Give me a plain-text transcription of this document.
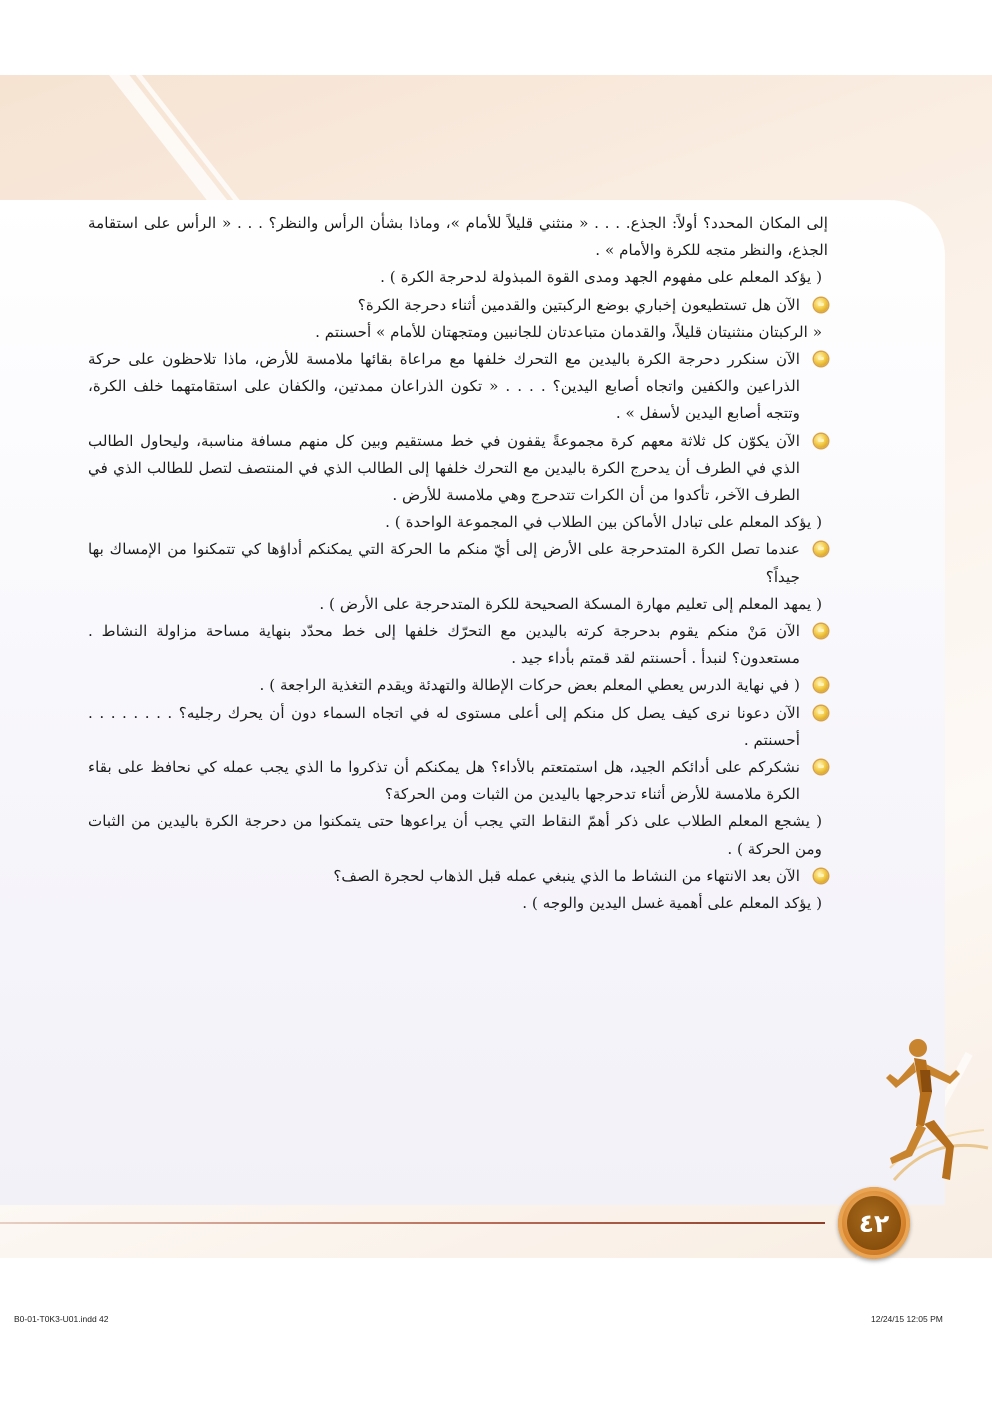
إلى المكان المحدد؟ أولاً: الجذع. . . . « منثني قليلاً للأمام »، وماذا بشأن الرأس والنظر؟ . . . « الرأس على استقامة الجذع، والنظر متجه للكرة والأمام » .

( يؤكد المعلم على مفهوم الجهد ومدى القوة المبذولة لدحرجة الكرة ) .

الآن هل تستطيعون إخباري بوضع الركبتين والقدمين أثناء دحرجة الكرة؟

« الركبتان منثنيتان قليلاً، والقدمان متباعدتان للجانبين ومتجهتان للأمام » أحسنتم .

الآن سنكرر دحرجة الكرة باليدين مع التحرك خلفها مع مراعاة بقائها ملامسة للأرض، ماذا تلاحظون على حركة الذراعين والكفين واتجاه أصابع اليدين؟ . . . . « تكون الذراعان ممدتين، والكفان على استقامتهما خلف الكرة، وتتجه أصابع اليدين لأسفل » .

الآن يكوّن كل ثلاثة معهم كرة مجموعةً يقفون في خط مستقيم وبين كل منهم مسافة مناسبة، وليحاول الطالب الذي في الطرف أن يدحرج الكرة باليدين مع التحرك خلفها إلى الطالب الذي في المنتصف لتصل للطالب الذي في الطرف الآخر، تأكدوا من أن الكرات تتدحرج وهي ملامسة للأرض .

( يؤكد المعلم على تبادل الأماكن بين الطلاب في المجموعة الواحدة ) .

عندما تصل الكرة المتدحرجة على الأرض إلى أيّ منكم ما الحركة التي يمكنكم أداؤها كي تتمكنوا من الإمساك بها جيداً؟

( يمهد المعلم إلى تعليم مهارة المسكة الصحيحة للكرة المتدحرجة على الأرض ) .

الآن مَنْ منكم يقوم بدحرجة كرته باليدين مع التحرّك خلفها إلى خط محدّد بنهاية مساحة مزاولة النشاط . مستعدون؟ لنبدأ . أحسنتم لقد قمتم بأداء جيد .

( في نهاية الدرس يعطي المعلم بعض حركات الإطالة والتهدئة ويقدم التغذية الراجعة ) .

الآن دعونا نرى كيف يصل كل منكم إلى أعلى مستوى له في اتجاه السماء دون أن يحرك رجليه؟ . . . . . . . . أحسنتم .

نشكركم على أدائكم الجيد، هل استمتعتم بالأداء؟ هل يمكنكم أن تذكروا ما الذي يجب عمله كي نحافظ على بقاء الكرة ملامسة للأرض أثناء تدحرجها باليدين من الثبات ومن الحركة؟

( يشجع المعلم الطلاب على ذكر أهمّ النقاط التي يجب أن يراعوها حتى يتمكنوا من دحرجة الكرة باليدين من الثبات ومن الحركة ) .

الآن بعد الانتهاء من النشاط ما الذي ينبغي عمله قبل الذهاب لحجرة الصف؟

( يؤكد المعلم على أهمية غسل اليدين والوجه ) .

٤٢
B0-01-T0K3-U01.indd 42	12/24/15 12:05 PM
